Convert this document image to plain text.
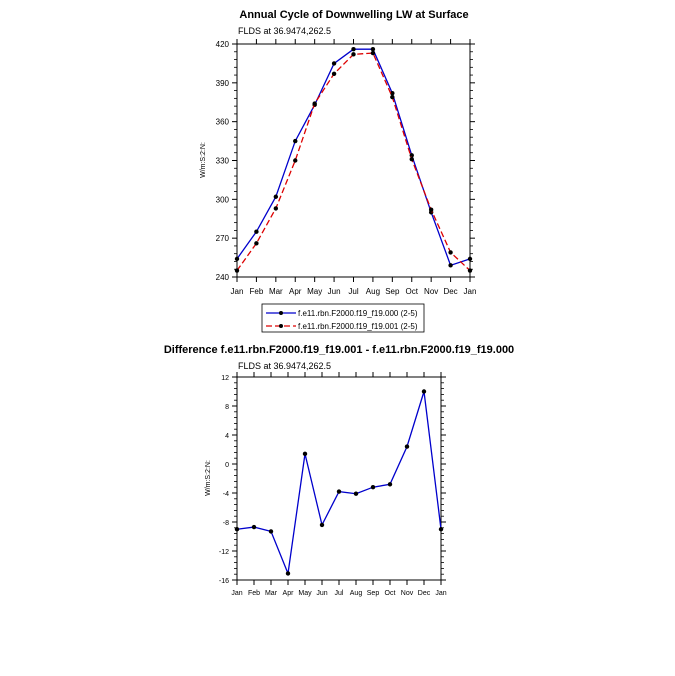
Annual Cycle of Downwelling LW at Surface
FLDS at 36.9474,262.5
W/m:S:2:N:
240
270
300
330
360
390
420
Jan Feb Mar Apr May Jun Jul Aug Sep Oct Nov Dec Jan
f.e11.rbn.F2000.f19_f19.000 (2-5)
f.e11.rbn.F2000.f19_f19.001 (2-5)
Difference f.e11.rbn.F2000.f19_f19.001 - f.e11.rbn.F2000.f19_f19.000
FLDS at 36.9474,262.5
W/m:S:2:N:
-16
-12
-8
-4
0
4
8
12
Jan Feb Mar Apr May Jun Jul Aug Sep Oct Nov Dec Jan
